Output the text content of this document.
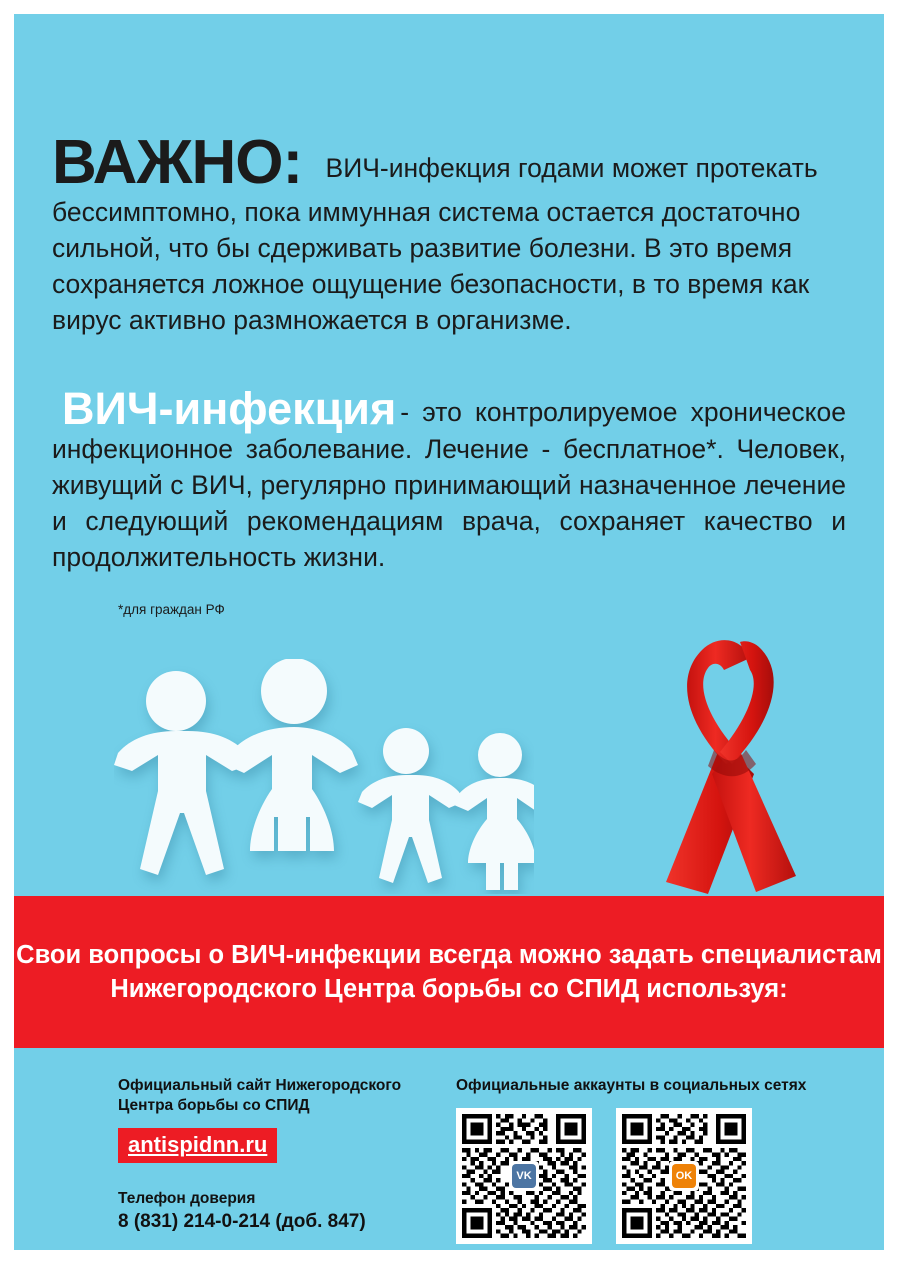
ВАЖНО: ВИЧ-инфекция годами может протекать бессимптомно, пока иммунная система остается достаточно сильной, что бы сдерживать развитие болезни. В это время сохраняется ложное ощущение безопасности, в то время как вирус активно размножается в организме.

ВИЧ-инфекция - это контролируемое хроническое инфекционное заболевание. Лечение - бесплатное*. Человек, живущий с ВИЧ, регулярно принимающий назначенное лечение и следующий рекомендациям врача, сохраняет качество и продолжительность жизни.

*для граждан РФ

Свои вопросы о ВИЧ-инфекции всегда можно задать специалистам Нижегородского Центра борьбы со СПИД используя:

Официальный сайт Нижегородского Центра борьбы со СПИД

antispidnn.ru

Телефон доверия

8 (831) 214-0-214 (доб. 847)

Официальные аккаунты в социальных сетях

VK	OK
